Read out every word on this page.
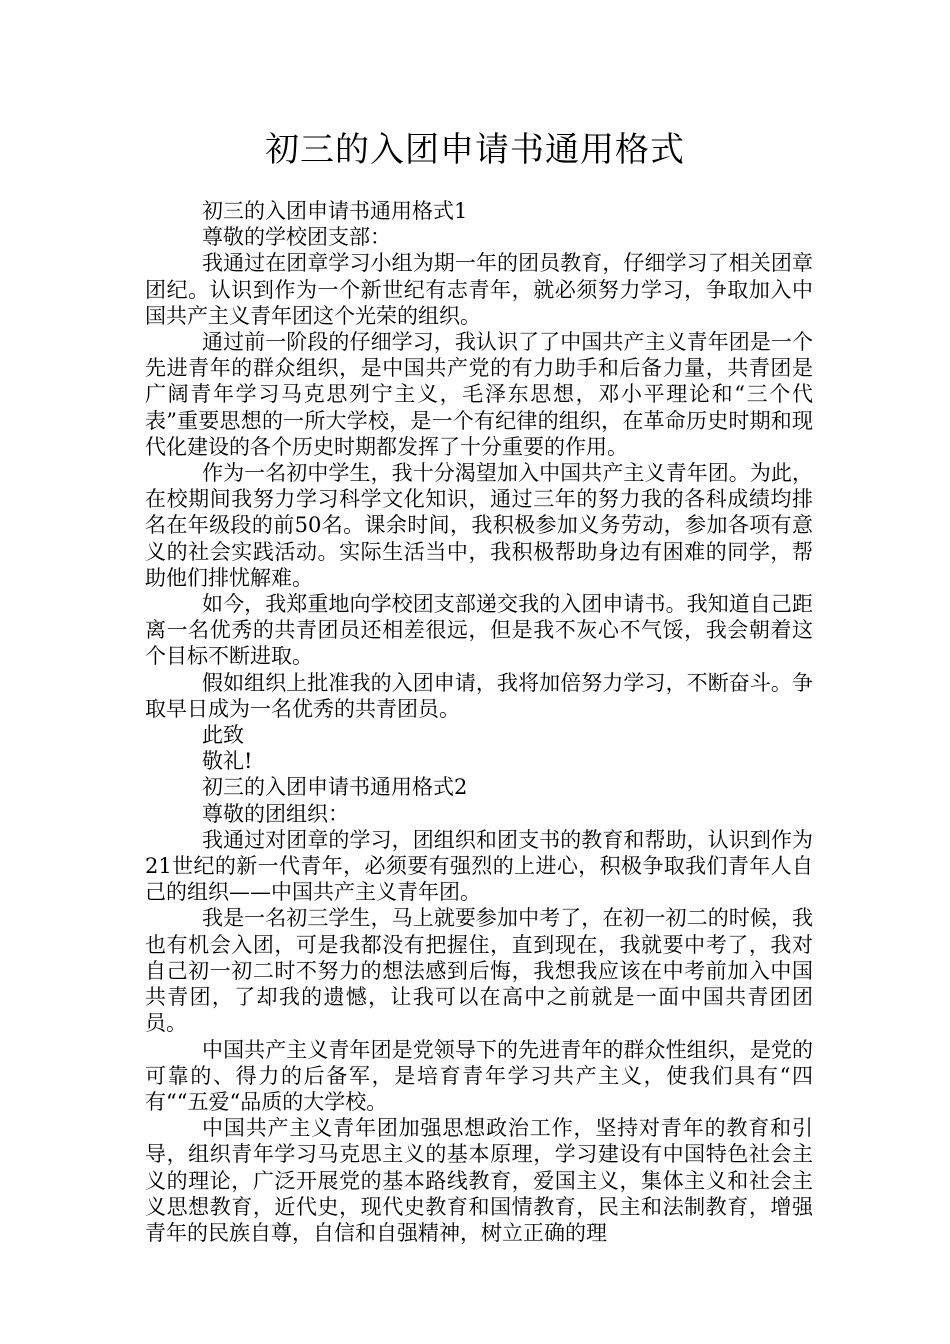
初三的入团申请书通用格式

初三的入团申请书通用格式1

尊敬的学校团支部：

我通过在团章学习小组为期一年的团员教育，仔细学习了相关团章团纪。认识到作为一个新世纪有志青年，就必须努力学习，争取加入中国共产主义青年团这个光荣的组织。

通过前一阶段的仔细学习，我认识了了中国共产主义青年团是一个先进青年的群众组织，是中国共产党的有力助手和后备力量，共青团是广阔青年学习马克思列宁主义，毛泽东思想，邓小平理论和“三个代表”重要思想的一所大学校，是一个有纪律的组织，在革命历史时期和现代化建设的各个历史时期都发挥了十分重要的作用。

作为一名初中学生，我十分渴望加入中国共产主义青年团。为此，在校期间我努力学习科学文化知识，通过三年的努力我的各科成绩均排名在年级段的前50名。课余时间，我积极参加义务劳动，参加各项有意义的社会实践活动。实际生活当中，我积极帮助身边有困难的同学，帮助他们排忧解难。

如今，我郑重地向学校团支部递交我的入团申请书。我知道自己距离一名优秀的共青团员还相差很远，但是我不灰心不气馁，我会朝着这个目标不断进取。

假如组织上批准我的入团申请，我将加倍努力学习，不断奋斗。争取早日成为一名优秀的共青团员。

此致

敬礼!

初三的入团申请书通用格式2

尊敬的团组织：

我通过对团章的学习，团组织和团支书的教育和帮助，认识到作为21世纪的新一代青年，必须要有强烈的上进心，积极争取我们青年人自己的组织——中国共产主义青年团。

我是一名初三学生，马上就要参加中考了，在初一初二的时候，我也有机会入团，可是我都没有把握住，直到现在，我就要中考了，我对自己初一初二时不努力的想法感到后悔，我想我应该在中考前加入中国共青团，了却我的遗憾，让我可以在高中之前就是一面中国共青团团员。

中国共产主义青年团是党领导下的先进青年的群众性组织，是党的可靠的、得力的后备军，是培育青年学习共产主义，使我们具有“四有““五爱“品质的大学校。

中国共产主义青年团加强思想政治工作，坚持对青年的教育和引导，组织青年学习马克思主义的基本原理，学习建设有中国特色社会主义的理论，广泛开展党的基本路线教育，爱国主义，集体主义和社会主义思想教育，近代史，现代史教育和国情教育，民主和法制教育，增强青年的民族自尊，自信和自强精神，树立正确的理
